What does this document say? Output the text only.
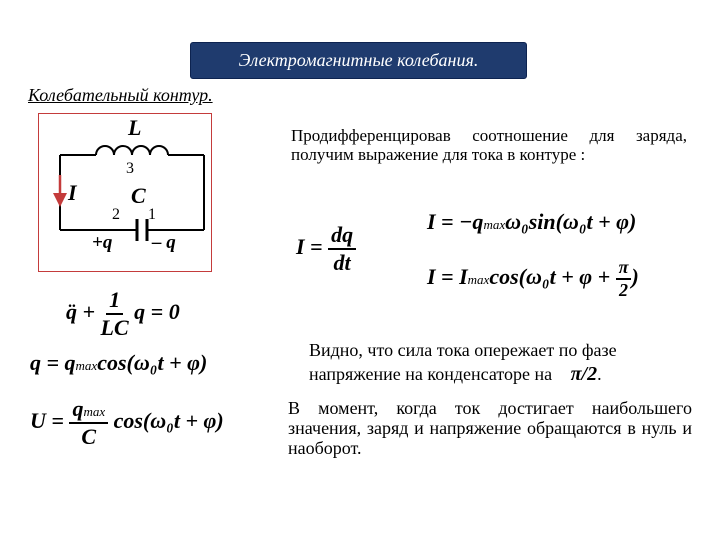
Электромагнитные колебания.
Колебательный контур.
L
3
I C
2 1
+q – q
q̈ + $\frac{1}{LC}$ q = 0
q = qmaxcos(ω₀t + φ)
$U = \frac{qmax}{C} \cos(\omega_0t + \varphi)$
Продифференцировав соотношение для заряда, получим выражение для тока в контуре :
$I = \frac{dq}{dt}$
I = −qmaxω₀sin(ω₀t + φ)
I = Imaxcos(ω₀t + $\varphi + \frac{\pi}{2}$ )
Видно, что сила тока опережает по фазе
напряжение на конденсаторе на π/2.
В момент, когда ток достигает наибольшего значения, заряд и напряжение обращаются в нуль и наоборот.
